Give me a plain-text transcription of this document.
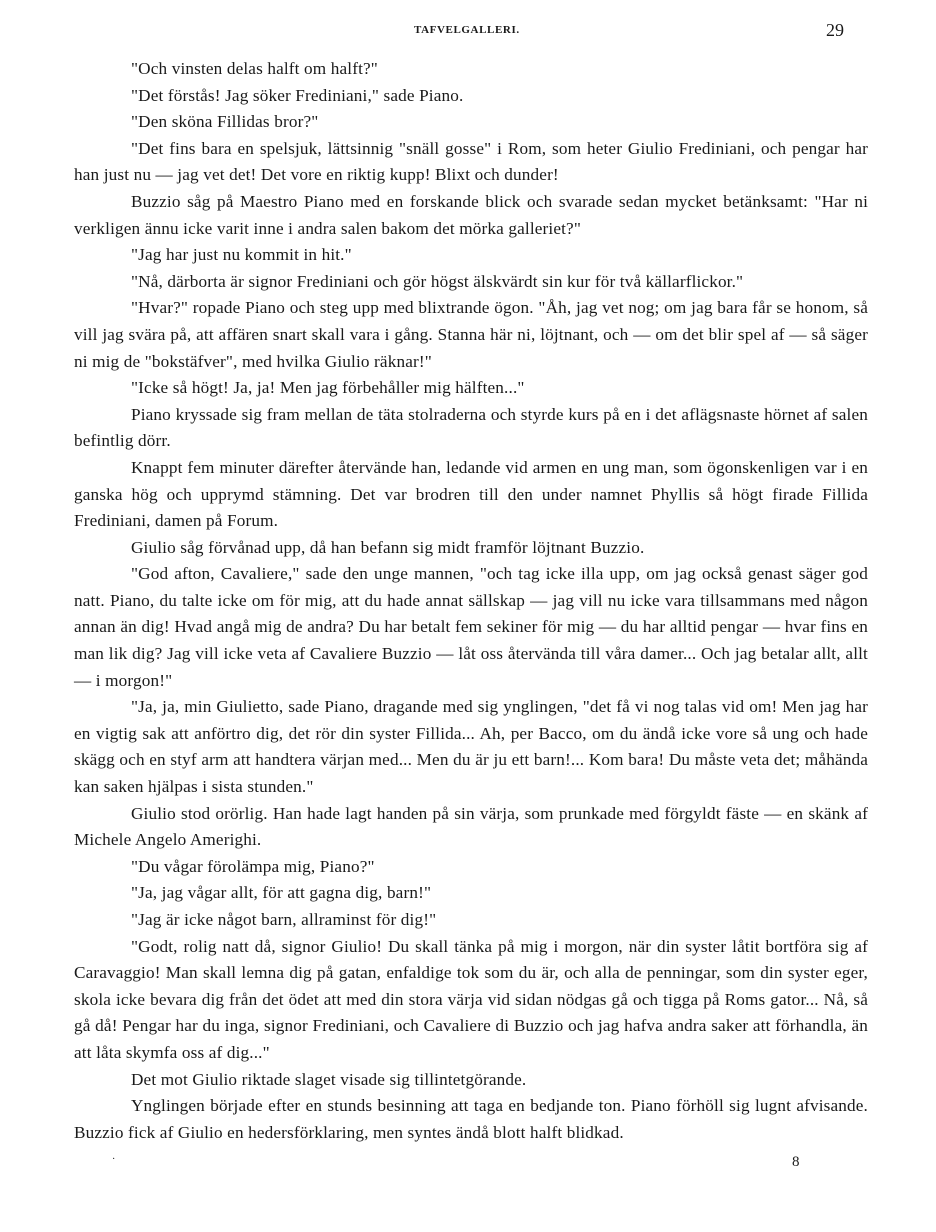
TAFVELGALLERI.	29

"Och vinsten delas halft om halft?"

"Det förstås! Jag söker Frediniani," sade Piano.

"Den sköna Fillidas bror?"

"Det fins bara en spelsjuk, lättsinnig "snäll gosse" i Rom, som heter Giulio Frediniani, och pengar har han just nu — jag vet det! Det vore en riktig kupp! Blixt och dunder!

Buzzio såg på Maestro Piano med en forskande blick och svarade sedan mycket betänksamt: "Har ni verkligen ännu icke varit inne i andra salen bakom det mörka galleriet?"

"Jag har just nu kommit in hit."

"Nå, därborta är signor Frediniani och gör högst älskvärdt sin kur för två källarflickor."

"Hvar?" ropade Piano och steg upp med blixtrande ögon. "Åh, jag vet nog; om jag bara får se honom, så vill jag svära på, att affären snart skall vara i gång. Stanna här ni, löjtnant, och — om det blir spel af — så säger ni mig de "bokstäfver", med hvilka Giulio räknar!"

"Icke så högt! Ja, ja! Men jag förbehåller mig hälften..."

Piano kryssade sig fram mellan de täta stolraderna och styrde kurs på en i det aflägsnaste hörnet af salen befintlig dörr.

Knappt fem minuter därefter återvände han, ledande vid armen en ung man, som ögonskenligen var i en ganska hög och upprymd stämning. Det var brodren till den under namnet Phyllis så högt firade Fillida Frediniani, damen på Forum.

Giulio såg förvånad upp, då han befann sig midt framför löjtnant Buzzio.

"God afton, Cavaliere," sade den unge mannen, "och tag icke illa upp, om jag också genast säger god natt. Piano, du talte icke om för mig, att du hade annat sällskap — jag vill nu icke vara tillsammans med någon annan än dig! Hvad angå mig de andra? Du har betalt fem sekiner för mig — du har alltid pengar — hvar fins en man lik dig? Jag vill icke veta af Cavaliere Buzzio — låt oss återvända till våra damer... Och jag betalar allt, allt — i morgon!"

"Ja, ja, min Giulietto, sade Piano, dragande med sig ynglingen, "det få vi nog talas vid om! Men jag har en vigtig sak att anförtro dig, det rör din syster Fillida... Ah, per Bacco, om du ändå icke vore så ung och hade skägg och en styf arm att handtera värjan med... Men du är ju ett barn!... Kom bara! Du måste veta det; måhända kan saken hjälpas i sista stunden."

Giulio stod orörlig. Han hade lagt handen på sin värja, som prunkade med förgyldt fäste — en skänk af Michele Angelo Amerighi.

"Du vågar förolämpa mig, Piano?"

"Ja, jag vågar allt, för att gagna dig, barn!"

"Jag är icke något barn, allraminst för dig!"

"Godt, rolig natt då, signor Giulio! Du skall tänka på mig i morgon, när din syster låtit bortföra sig af Caravaggio! Man skall lemna dig på gatan, enfaldige tok som du är, och alla de penningar, som din syster eger, skola icke bevara dig från det ödet att med din stora värja vid sidan nödgas gå och tigga på Roms gator... Nå, så gå då! Pengar har du inga, signor Frediniani, och Cavaliere di Buzzio och jag hafva andra saker att förhandla, än att låta skymfa oss af dig..."

Det mot Giulio riktade slaget visade sig tillintetgörande.

Ynglingen började efter en stunds besinning att taga en bedjande ton. Piano förhöll sig lugnt afvisande. Buzzio fick af Giulio en hedersförklaring, men syntes ändå blott halft blidkad.

·	8
